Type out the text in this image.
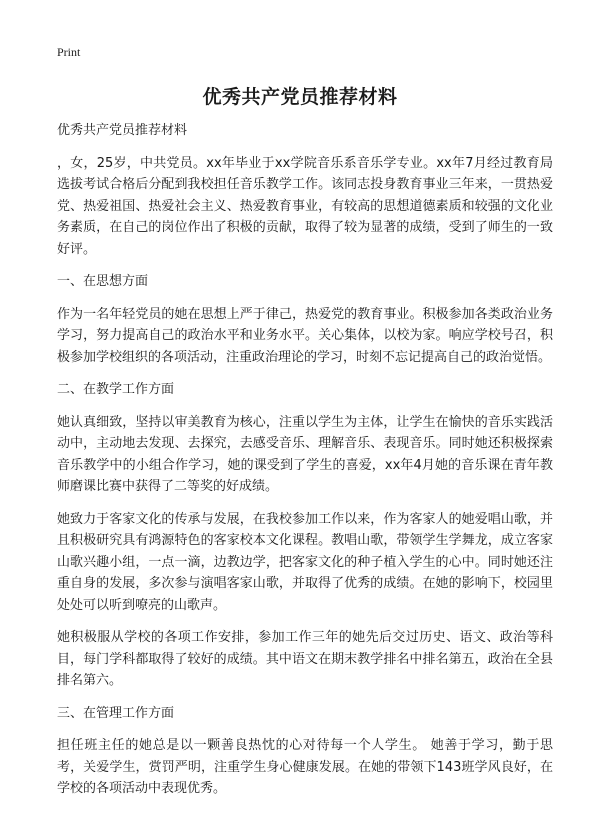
Print
优秀共产党员推荐材料

优秀共产党员推荐材料

，女，25岁，中共党员。xx年毕业于xx学院音乐系音乐学专业。xx年7月经过教育局选拔考试合格后分配到我校担任音乐教学工作。该同志投身教育事业三年来，一贯热爱党、热爱祖国、热爱社会主义、热爱教育事业，有较高的思想道德素质和较强的文化业务素质，在自己的岗位作出了积极的贡献，取得了较为显著的成绩，受到了师生的一致好评。

一、在思想方面

作为一名年轻党员的她在思想上严于律己，热爱党的教育事业。积极参加各类政治业务学习，努力提高自己的政治水平和业务水平。关心集体，以校为家。响应学校号召，积极参加学校组织的各项活动，注重政治理论的学习，时刻不忘记提高自己的政治觉悟。

二、在教学工作方面

她认真细致，坚持以审美教育为核心，注重以学生为主体，让学生在愉快的音乐实践活动中，主动地去发现、去探究，去感受音乐、理解音乐、表现音乐。同时她还积极探索音乐教学中的小组合作学习，她的课受到了学生的喜爱，xx年4月她的音乐课在青年教师磨课比赛中获得了二等奖的好成绩。

她致力于客家文化的传承与发展，在我校参加工作以来，作为客家人的她爱唱山歌，并且积极研究具有鸿源特色的客家校本文化课程。教唱山歌，带领学生学舞龙，成立客家山歌兴趣小组，一点一滴，边教边学，把客家文化的种子植入学生的心中。同时她还注重自身的发展，多次参与演唱客家山歌，并取得了优秀的成绩。在她的影响下，校园里处处可以听到嘹亮的山歌声。

她积极服从学校的各项工作安排，参加工作三年的她先后交过历史、语文、政治等科目，每门学科都取得了较好的成绩。其中语文在期末教学排名中排名第五，政治在全县排名第六。

三、在管理工作方面

担任班主任的她总是以一颗善良热忱的心对待每一个人学生。 她善于学习，勤于思考，关爱学生，赏罚严明，注重学生身心健康发展。在她的带领下143班学风良好，在学校的各项活动中表现优秀。
